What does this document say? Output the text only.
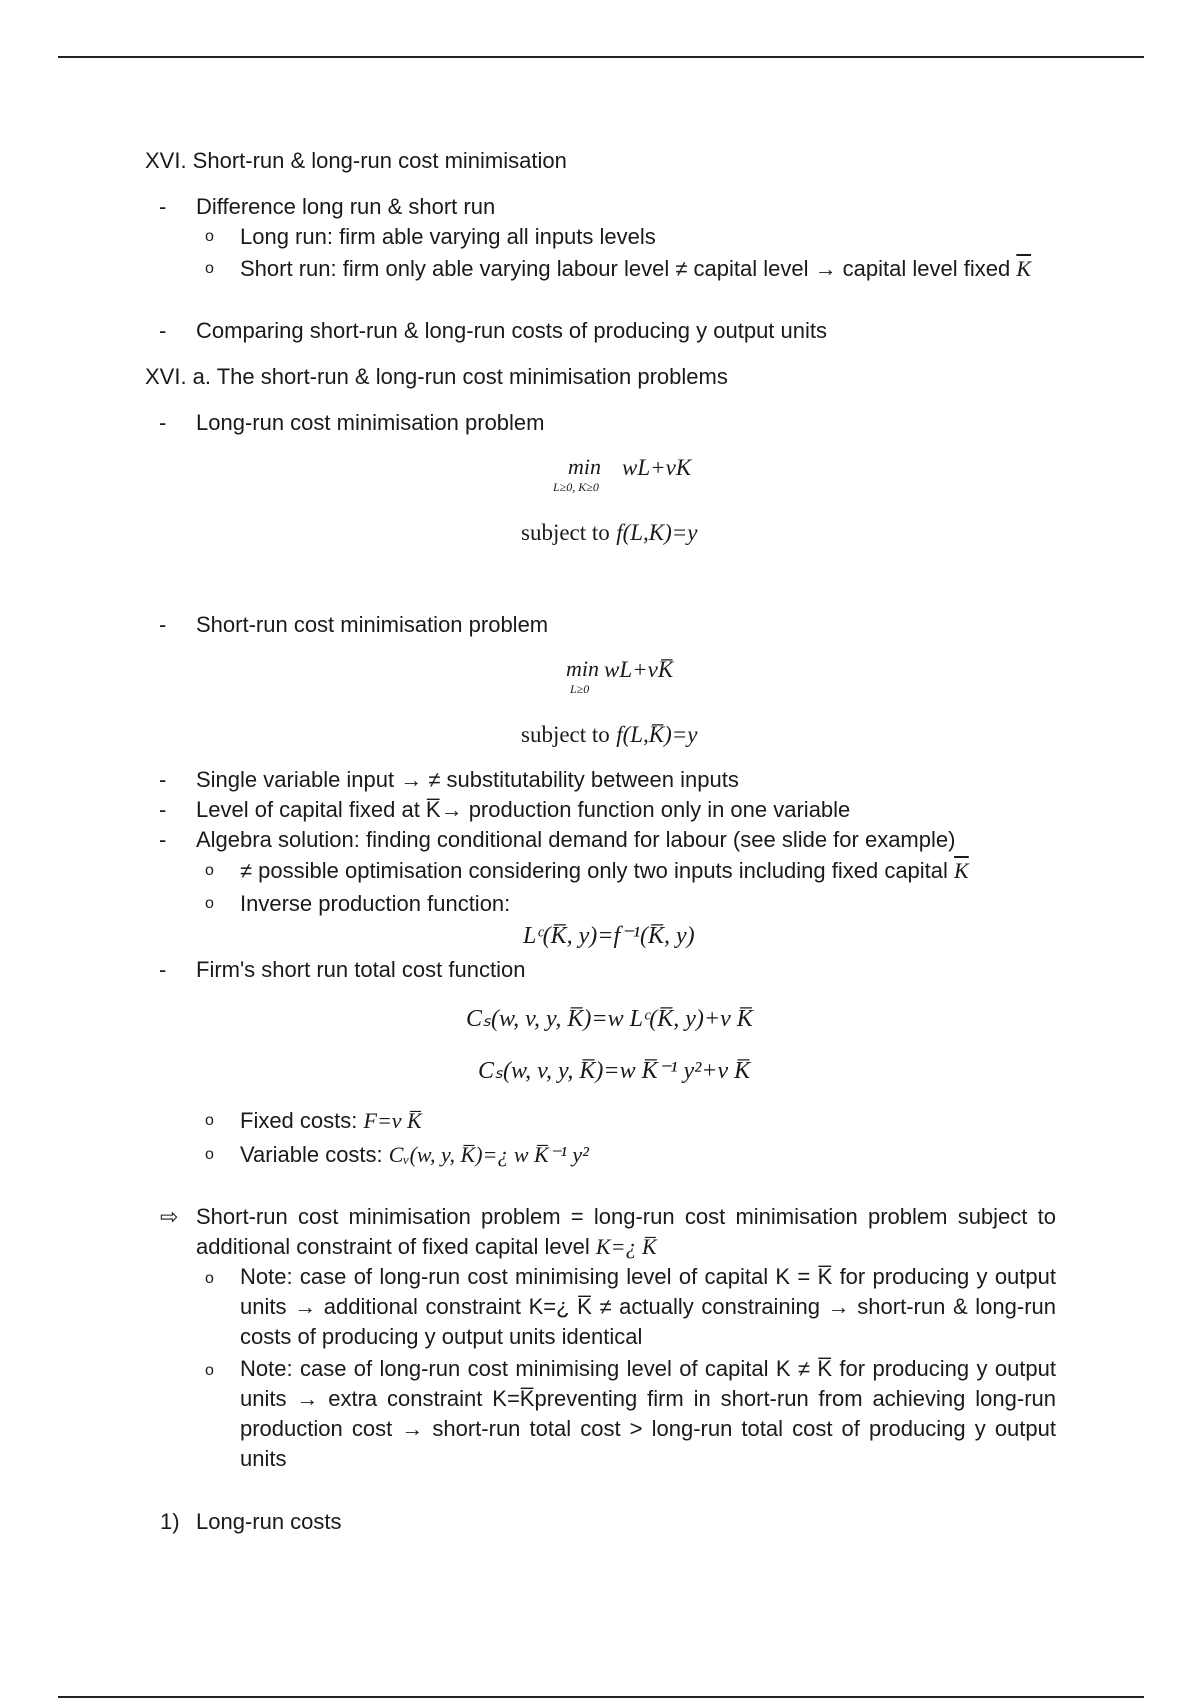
XVI. Short-run & long-run cost minimisation
- Difference long run & short run
o Long run: firm able varying all inputs levels
o Short run: firm only able varying labour level ≠ capital level → capital level fixed $\overline{K}$
- Comparing short-run & long-run costs of producing y output units
XVI. a. The short-run & long-run cost minimisation problems
- Long-run cost minimisation problem
min
L≥0, K≥0
wL+vK
subject to f(L,K)=y
- Short-run cost minimisation problem
min
L≥0
wL+vK̅
subject to f(L,K̅)=y
- Single variable input → ≠ substitutability between inputs
- Level of capital fixed at K̅→ production function only in one variable
- Algebra solution: finding conditional demand for labour (see slide for example)
o ≠ possible optimisation considering only two inputs including fixed capital $\overline{K}$
o Inverse production function:
Lᶜ(K̅, y)=f⁻¹(K̅, y)
- Firm's short run total cost function
Cₛ(w, v, y, K̅)=w Lᶜ(K̅, y)+v K̅
Cₛ(w, v, y, K̅)=w K̅⁻¹ y²+v K̅
o Fixed costs: F=v K̅
o Variable costs: Cᵥ(w, y, K̅)=¿ w K̅⁻¹ y²
⇨ Short-run cost minimisation problem = long-run cost minimisation problem subject to additional constraint of fixed capital level K=¿ K̅
o Note: case of long-run cost minimising level of capital K = K̅ for producing y output units → additional constraint K=¿ K̅ ≠ actually constraining → short-run & long-run costs of producing y output units identical
o Note: case of long-run cost minimising level of capital K ≠ K̅ for producing y output units → extra constraint K=K̅preventing firm in short-run from achieving long-run production cost → short-run total cost > long-run total cost of producing y output units
1) Long-run costs
